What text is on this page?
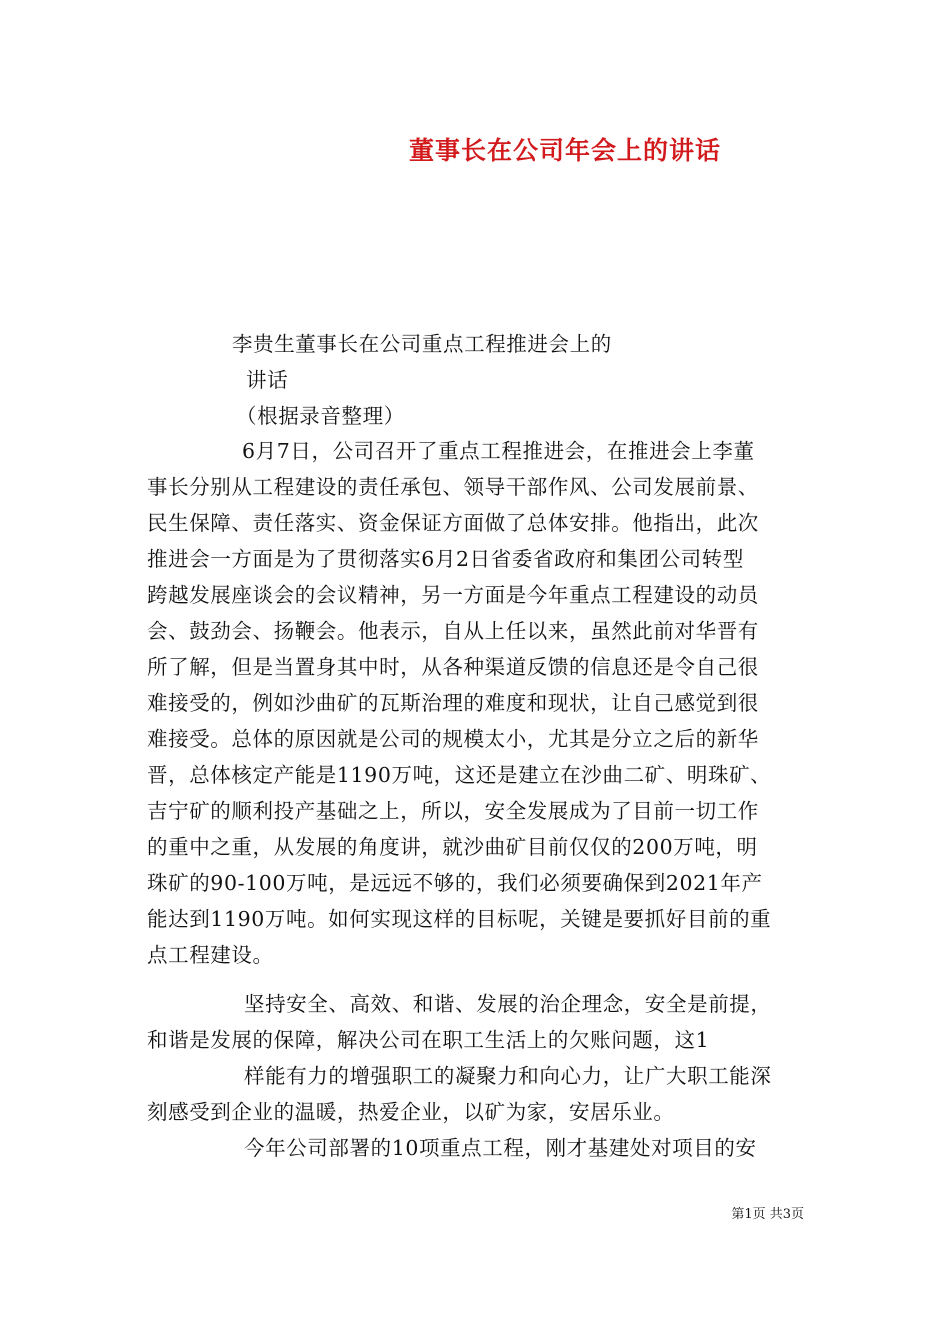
董事长在公司年会上的讲话
李贵生董事长在公司重点工程推进会上的
讲话
（根据录音整理）
6月7日，公司召开了重点工程推进会，在推进会上李董
事长分别从工程建设的责任承包、领导干部作风、公司发展前景、
民生保障、责任落实、资金保证方面做了总体安排。他指出，此次
推进会一方面是为了贯彻落实6月2日省委省政府和集团公司转型
跨越发展座谈会的会议精神，另一方面是今年重点工程建设的动员
会、鼓劲会、扬鞭会。他表示，自从上任以来，虽然此前对华晋有
所了解，但是当置身其中时，从各种渠道反馈的信息还是令自己很
难接受的，例如沙曲矿的瓦斯治理的难度和现状，让自己感觉到很
难接受。总体的原因就是公司的规模太小，尤其是分立之后的新华
晋，总体核定产能是1190万吨，这还是建立在沙曲二矿、明珠矿、
吉宁矿的顺利投产基础之上，所以，安全发展成为了目前一切工作
的重中之重，从发展的角度讲，就沙曲矿目前仅仅的200万吨，明
珠矿的90-100万吨，是远远不够的，我们必须要确保到2021年产
能达到1190万吨。如何实现这样的目标呢，关键是要抓好目前的重
点工程建设。
坚持安全、高效、和谐、发展的治企理念，安全是前提，
和谐是发展的保障，解决公司在职工生活上的欠账问题，这1
样能有力的增强职工的凝聚力和向心力，让广大职工能深
刻感受到企业的温暖，热爱企业，以矿为家，安居乐业。
今年公司部署的10项重点工程，刚才基建处对项目的安
第1页 共3页
